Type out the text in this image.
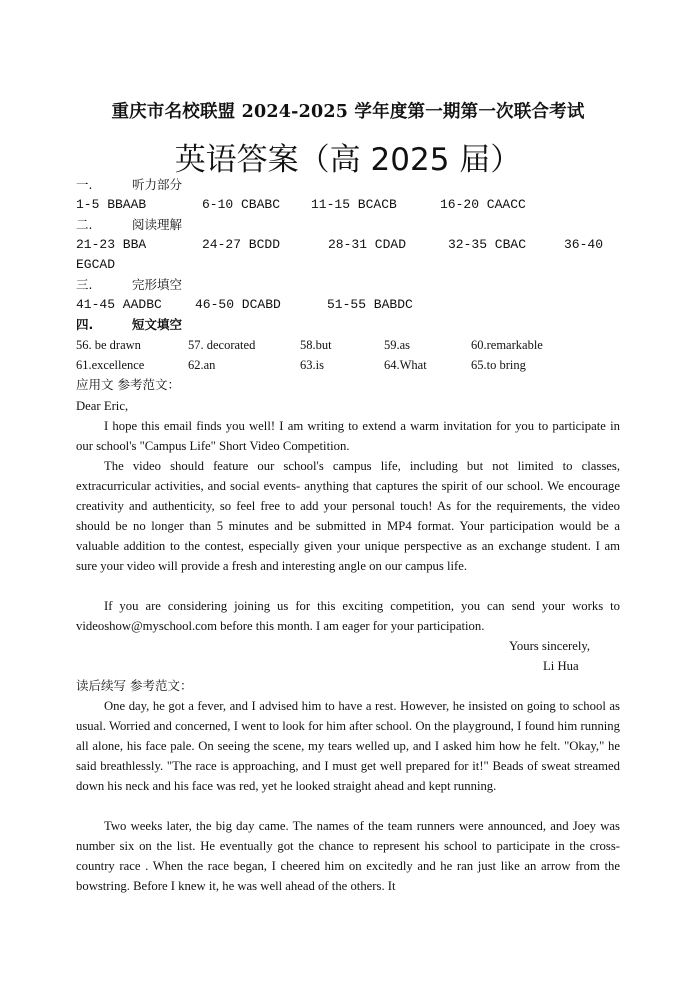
重庆市名校联盟 2024-2025 学年度第一期第一次联合考试
英语答案（高 2025 届）
一.	听力部分
1-5 BBAAB	6-10 CBABC 11-15 BCACB	16-20 CAACC
二.	阅读理解
21-23 BBA	24-27 BCDD	28-31 CDAD	32-35 CBAC	36-40
EGCAD
三.	完形填空
41-45 AADBC	46-50 DCABD	51-55 BABDC
四.	短文填空
56. be drawn	57. decorated	58.but	59.as	60.remarkable
61.excellence	62.an	63.is	64.What	65.to bring
应用文 参考范文：
Dear Eric,

I hope this email finds you well! I am writing to extend a warm invitation for you to participate in our school's "Campus Life" Short Video Competition.

The video should feature our school's campus life, including but not limited to classes, extracurricular activities, and social events- anything that captures the spirit of our school. We encourage creativity and authenticity, so feel free to add your personal touch! As for the requirements, the video should be no longer than 5 minutes and be submitted in MP4 format. Your participation would be a valuable addition to the contest, especially given your unique perspective as an exchange student. I am sure your video will provide a fresh and interesting angle on our campus life.

If you are considering joining us for this exciting competition, you can send your works to videoshow@myschool.com before this month. I am eager for your participation.

Yours sincerely,
Li Hua
读后续写 参考范文：

One day, he got a fever, and I advised him to have a rest. However, he insisted on going to school as usual. Worried and concerned, I went to look for him after school. On the playground, I found him running all alone, his face pale. On seeing the scene, my tears welled up, and I asked him how he felt. "Okay," he said breathlessly. "The race is approaching, and I must get well prepared for it!" Beads of sweat streamed down his neck and his face was red, yet he looked straight ahead and kept running.

Two weeks later, the big day came. The names of the team runners were announced, and Joey was number six on the list. He eventually got the chance to represent his school to participate in the cross-country race . When the race began, I cheered him on excitedly and he ran just like an arrow from the bowstring. Before I knew it, he was well ahead of the others. It
